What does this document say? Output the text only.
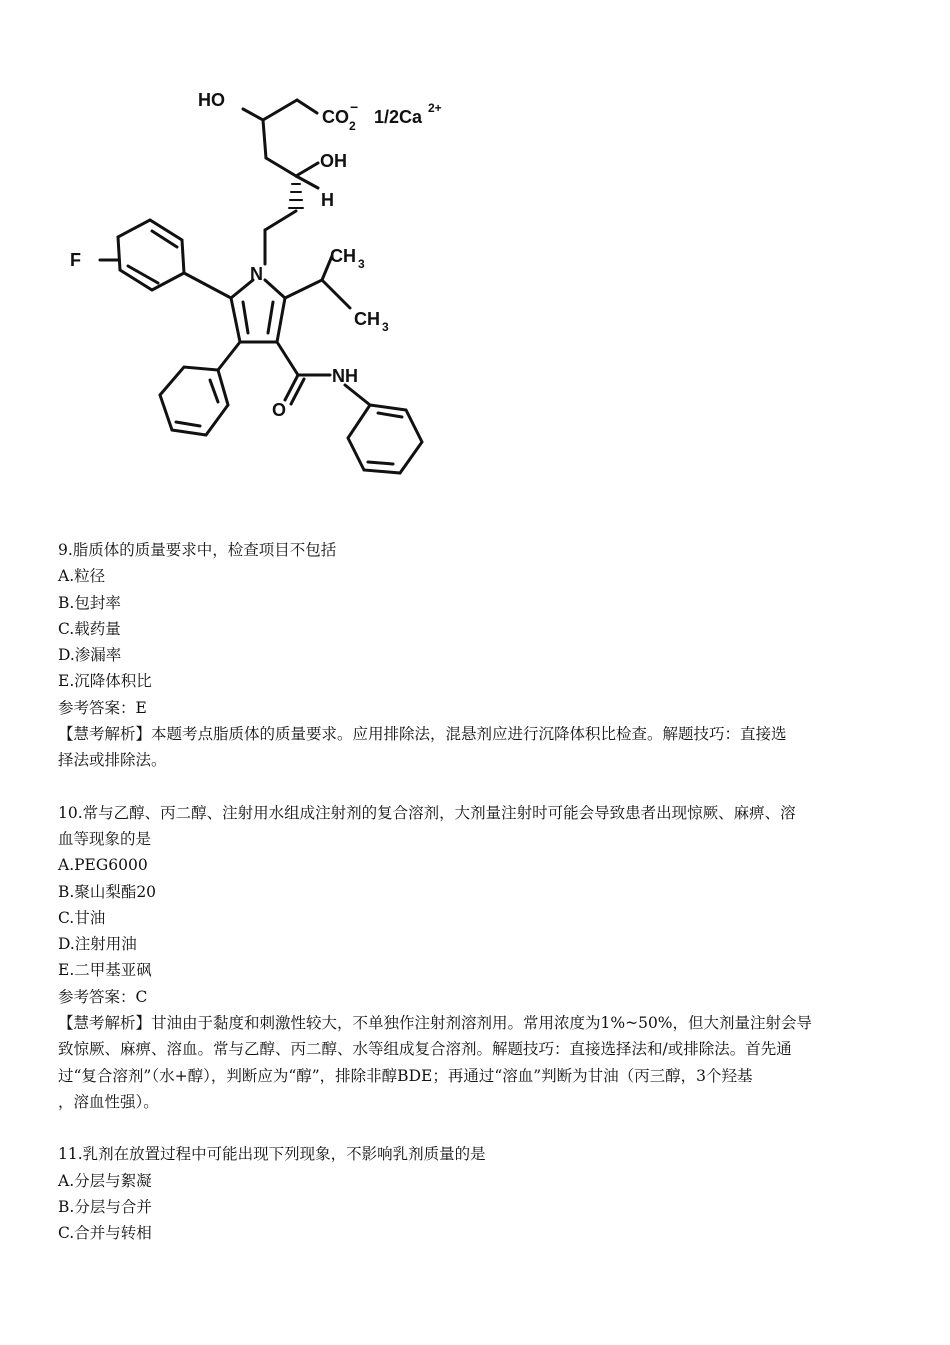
HO
CO 2
− 1/2Ca 2+
OH
H
F
N
CH 3
CH 3
NH
O
9.脂质体的质量要求中，检查项目不包括
A.粒径
B.包封率
C.载药量
D.渗漏率
E.沉降体积比
参考答案：E
【慧考解析】本题考点脂质体的质量要求。应用排除法，混悬剂应进行沉降体积比检查。解题技巧：直接选
择法或排除法。
10.常与乙醇、丙二醇、注射用水组成注射剂的复合溶剂，大剂量注射时可能会导致患者出现惊厥、麻痹、溶
血等现象的是
A.PEG6000
B.聚山梨酯20
C.甘油
D.注射用油
E.二甲基亚砜
参考答案：C
【慧考解析】甘油由于黏度和刺激性较大，不单独作注射剂溶剂用。常用浓度为1%~50%，但大剂量注射会导
致惊厥、麻痹、溶血。常与乙醇、丙二醇、水等组成复合溶剂。解题技巧：直接选择法和/或排除法。首先通
过“复合溶剂”（水+醇），判断应为“醇”，排除非醇BDE；再通过“溶血”判断为甘油（丙三醇，3个羟基
，溶血性强）。
11.乳剂在放置过程中可能出现下列现象，不影响乳剂质量的是
A.分层与絮凝
B.分层与合并
C.合并与转相
